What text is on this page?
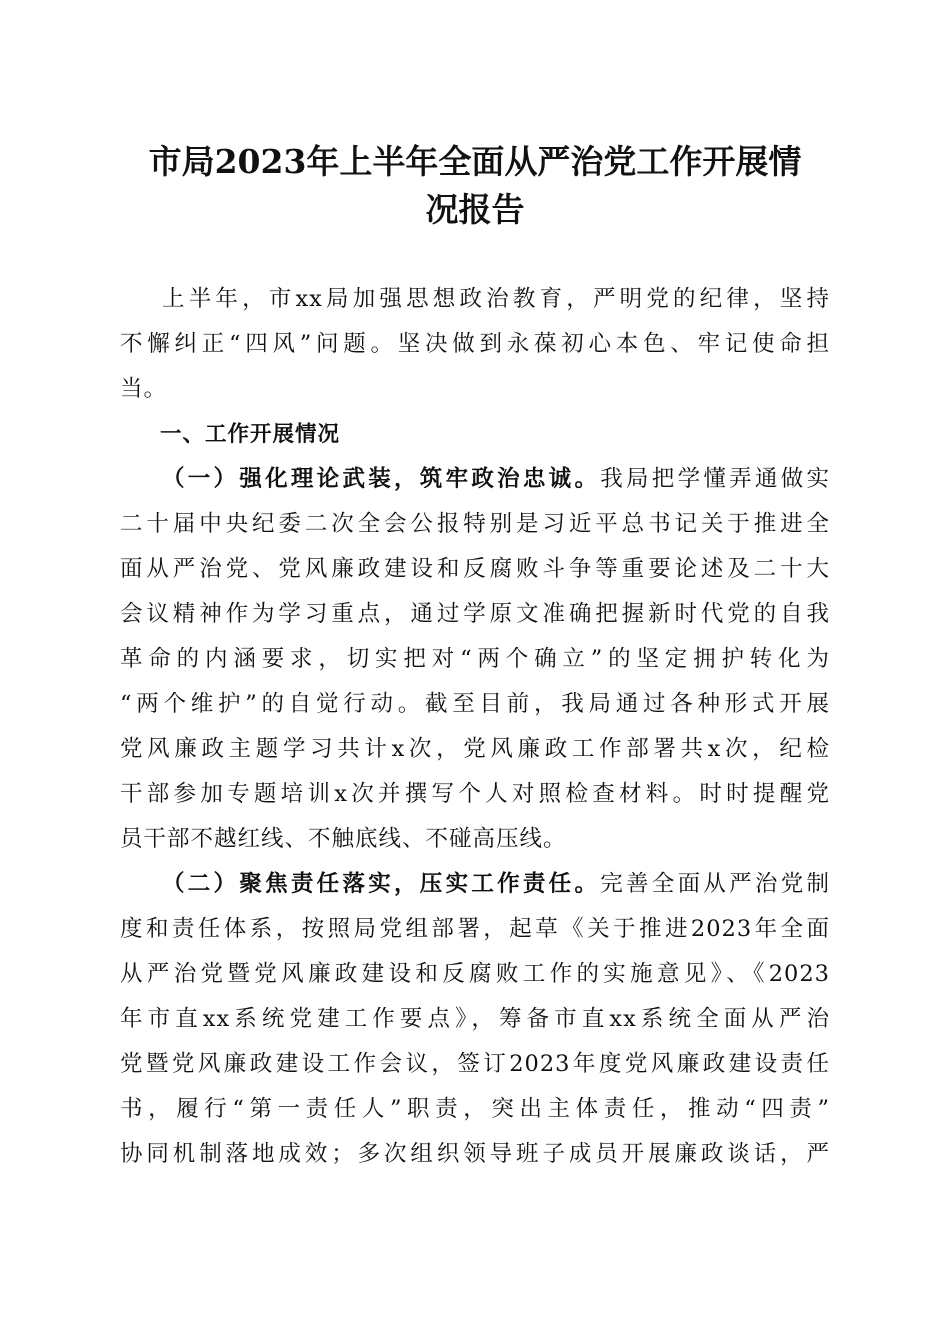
市局2023年上半年全面从严治党工作开展情
况报告

上半年，市xx局加强思想政治教育，严明党的纪律，坚持
不懈纠正“四风”问题。坚决做到永葆初心本色、牢记使命担
当。

一、工作开展情况

（一）强化理论武装，筑牢政治忠诚。我局把学懂弄通做实
二十届中央纪委二次全会公报特别是习近平总书记关于推进全
面从严治党、党风廉政建设和反腐败斗争等重要论述及二十大
会议精神作为学习重点，通过学原文准确把握新时代党的自我
革命的内涵要求，切实把对“两个确立”的坚定拥护转化为
“两个维护”的自觉行动。截至目前，我局通过各种形式开展
党风廉政主题学习共计x次，党风廉政工作部署共x次，纪检
干部参加专题培训x次并撰写个人对照检查材料。时时提醒党
员干部不越红线、不触底线、不碰高压线。

（二）聚焦责任落实，压实工作责任。完善全面从严治党制
度和责任体系，按照局党组部署，起草《关于推进2023年全面
从严治党暨党风廉政建设和反腐败工作的实施意见》、《2023
年市直xx系统党建工作要点》，筹备市直xx系统全面从严治
党暨党风廉政建设工作会议，签订2023年度党风廉政建设责任
书，履行“第一责任人”职责，突出主体责任，推动“四责”
协同机制落地成效；多次组织领导班子成员开展廉政谈话，严
